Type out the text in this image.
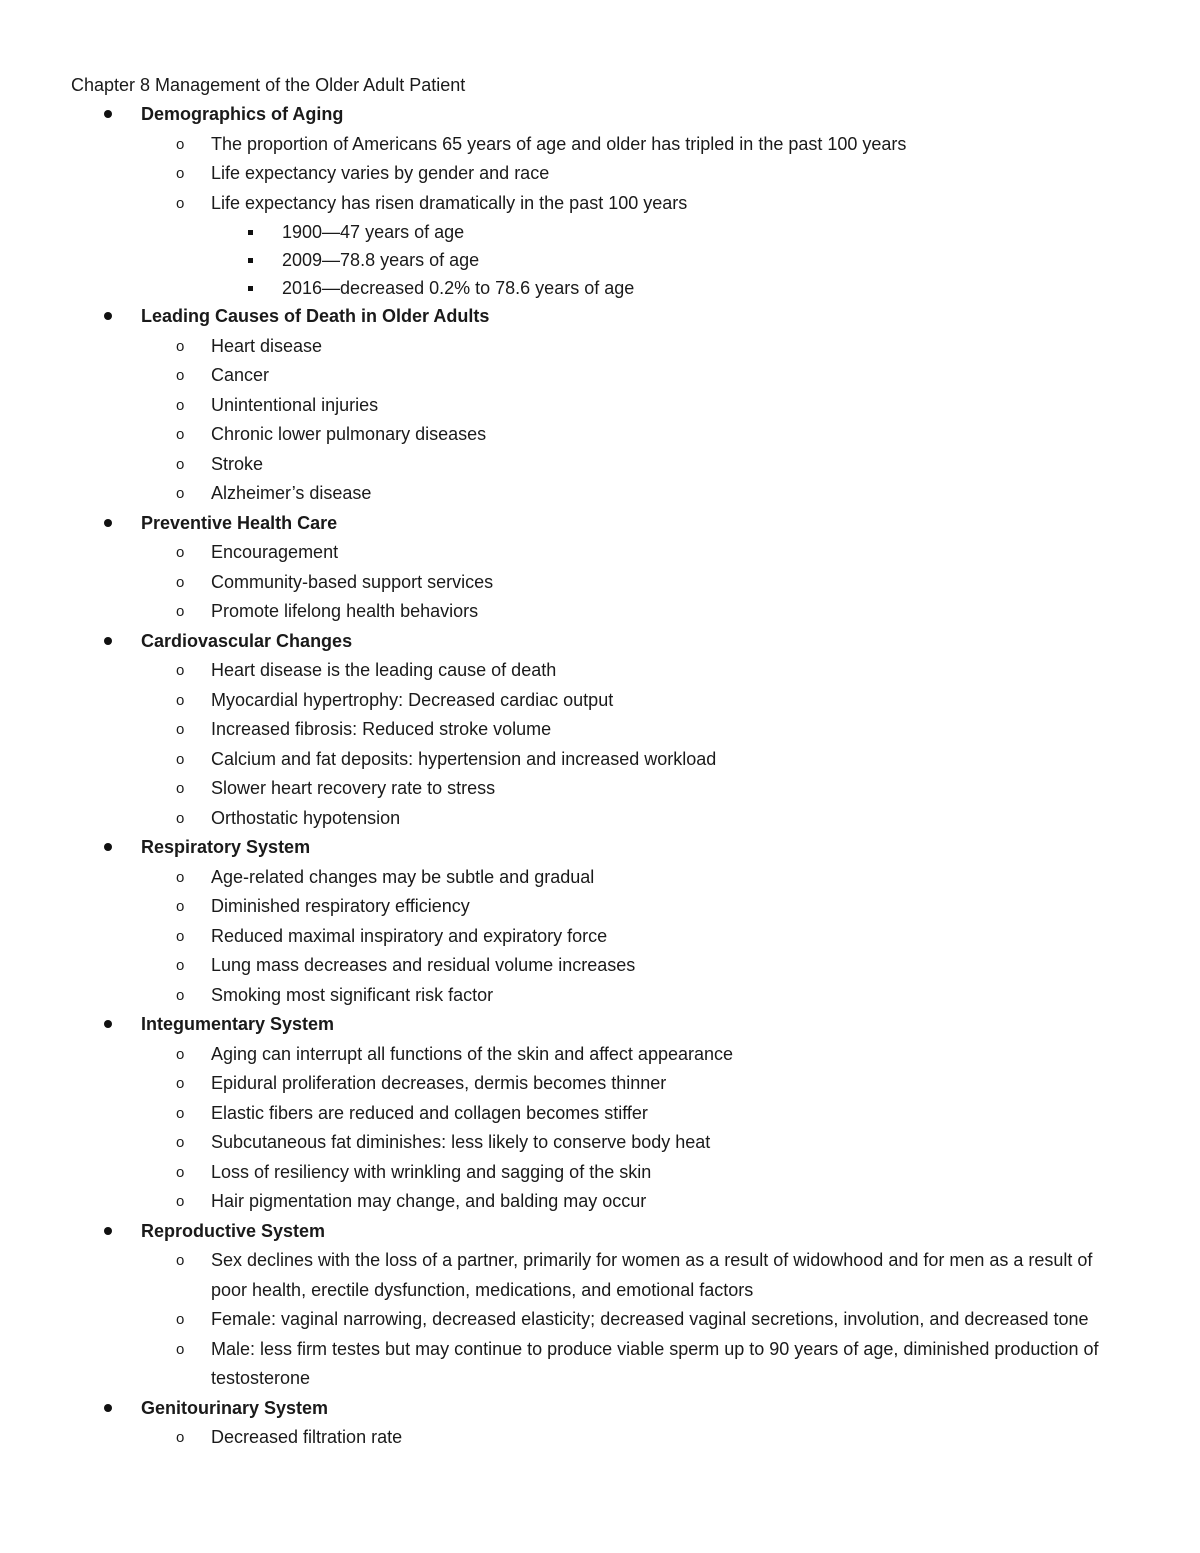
Chapter 8 Management of the Older Adult Patient
Demographics of Aging
o The proportion of Americans 65 years of age and older has tripled in the past 100 years
o Life expectancy varies by gender and race
o Life expectancy has risen dramatically in the past 100 years
1900—47 years of age
2009—78.8 years of age
2016—decreased 0.2% to 78.6 years of age
Leading Causes of Death in Older Adults
o Heart disease
o Cancer
o Unintentional injuries
o Chronic lower pulmonary diseases
o Stroke
o Alzheimer’s disease
Preventive Health Care
o Encouragement
o Community-based support services
o Promote lifelong health behaviors
Cardiovascular Changes
o Heart disease is the leading cause of death
o Myocardial hypertrophy: Decreased cardiac output
o Increased fibrosis: Reduced stroke volume
o Calcium and fat deposits: hypertension and increased workload
o Slower heart recovery rate to stress
o Orthostatic hypotension
Respiratory System
o Age-related changes may be subtle and gradual
o Diminished respiratory efficiency
o Reduced maximal inspiratory and expiratory force
o Lung mass decreases and residual volume increases
o Smoking most significant risk factor
Integumentary System
o Aging can interrupt all functions of the skin and affect appearance
o Epidural proliferation decreases, dermis becomes thinner
o Elastic fibers are reduced and collagen becomes stiffer
o Subcutaneous fat diminishes: less likely to conserve body heat
o Loss of resiliency with wrinkling and sagging of the skin
o Hair pigmentation may change, and balding may occur
Reproductive System
o Sex declines with the loss of a partner, primarily for women as a result of widowhood and for men as a result of poor health, erectile dysfunction, medications, and emotional factors
o Female: vaginal narrowing, decreased elasticity; decreased vaginal secretions, involution, and decreased tone
o Male: less firm testes but may continue to produce viable sperm up to 90 years of age, diminished production of testosterone
Genitourinary System
o Decreased filtration rate
